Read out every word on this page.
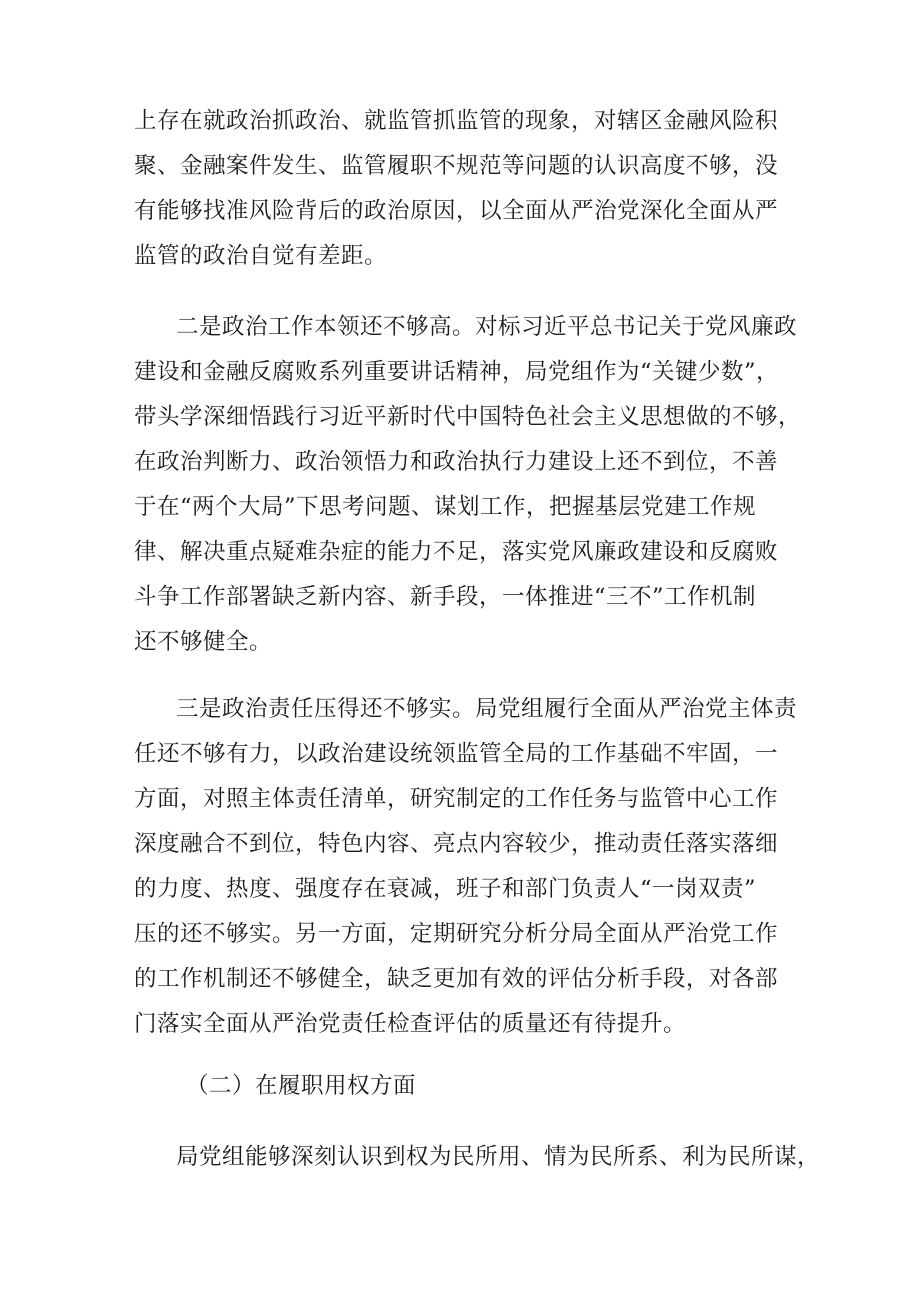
上存在就政治抓政治、就监管抓监管的现象，对辖区金融风险积
聚、金融案件发生、监管履职不规范等问题的认识高度不够，没
有能够找准风险背后的政治原因，以全面从严治党深化全面从严
监管的政治自觉有差距。
二是政治工作本领还不够高。对标习近平总书记关于党风廉政
建设和金融反腐败系列重要讲话精神，局党组作为“关键少数”，
带头学深细悟践行习近平新时代中国特色社会主义思想做的不够，
在政治判断力、政治领悟力和政治执行力建设上还不到位，不善
于在“两个大局”下思考问题、谋划工作，把握基层党建工作规
律、解决重点疑难杂症的能力不足，落实党风廉政建设和反腐败
斗争工作部署缺乏新内容、新手段，一体推进“三不”工作机制
还不够健全。
三是政治责任压得还不够实。局党组履行全面从严治党主体责
任还不够有力，以政治建设统领监管全局的工作基础不牢固，一
方面，对照主体责任清单，研究制定的工作任务与监管中心工作
深度融合不到位，特色内容、亮点内容较少，推动责任落实落细
的力度、热度、强度存在衰减，班子和部门负责人“一岗双责”
压的还不够实。另一方面，定期研究分析分局全面从严治党工作
的工作机制还不够健全，缺乏更加有效的评估分析手段，对各部
门落实全面从严治党责任检查评估的质量还有待提升。
（二）在履职用权方面
局党组能够深刻认识到权为民所用、情为民所系、利为民所谋，
